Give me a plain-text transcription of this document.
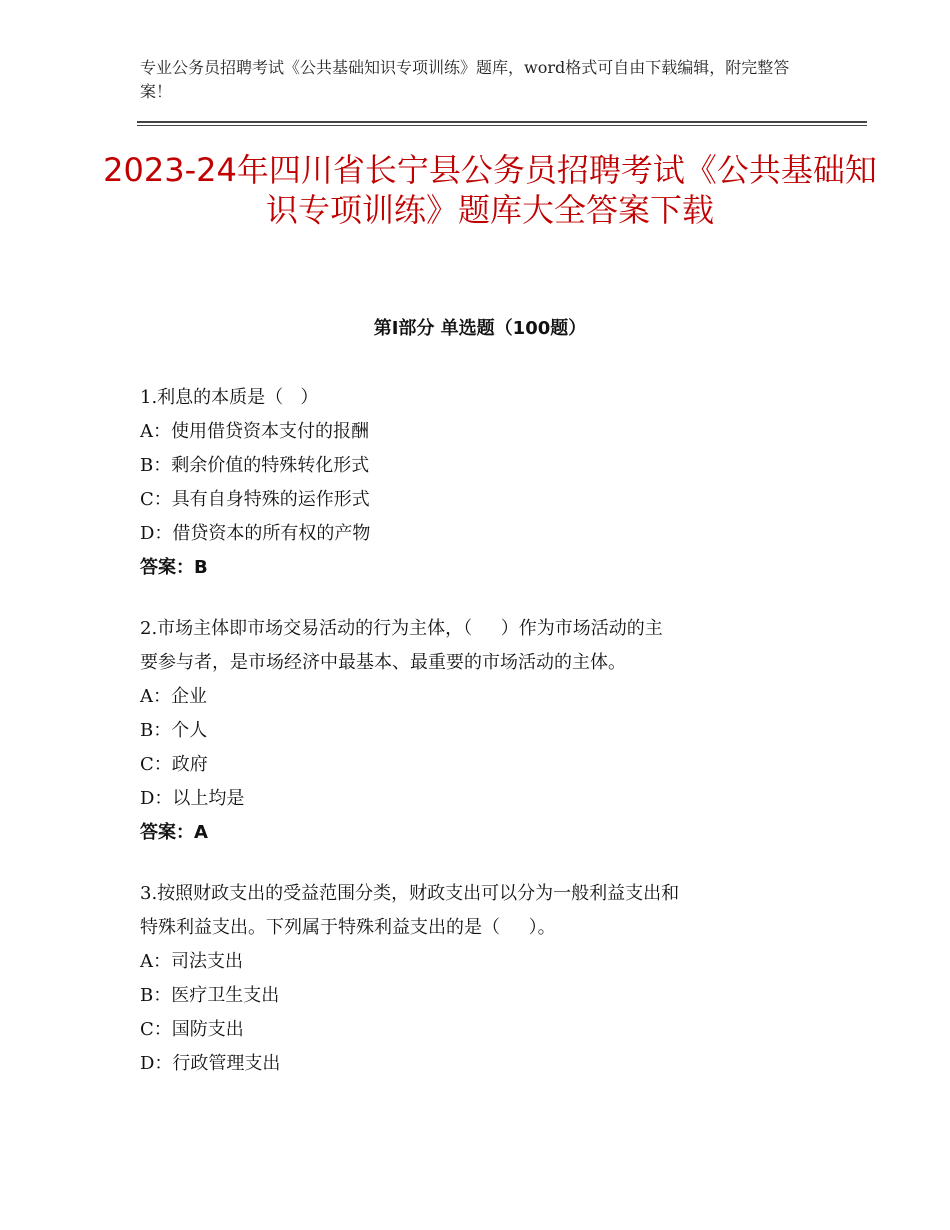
专业公务员招聘考试《公共基础知识专项训练》题库，word格式可自由下载编辑，附完整答案！
2023-24年四川省长宁县公务员招聘考试《公共基础知识专项训练》题库大全答案下载
第Ⅰ部分 单选题（100题）
1.利息的本质是（   ）
A：使用借贷资本支付的报酬
B：剩余价值的特殊转化形式
C：具有自身特殊的运作形式
D：借贷资本的所有权的产物
答案：B
2.市场主体即市场交易活动的行为主体，（     ）作为市场活动的主
要参与者，是市场经济中最基本、最重要的市场活动的主体。
A：企业
B：个人
C：政府
D：以上均是
答案：A
3.按照财政支出的受益范围分类，财政支出可以分为一般利益支出和
特殊利益支出。下列属于特殊利益支出的是（     ）。
A：司法支出
B：医疗卫生支出
C：国防支出
D：行政管理支出
